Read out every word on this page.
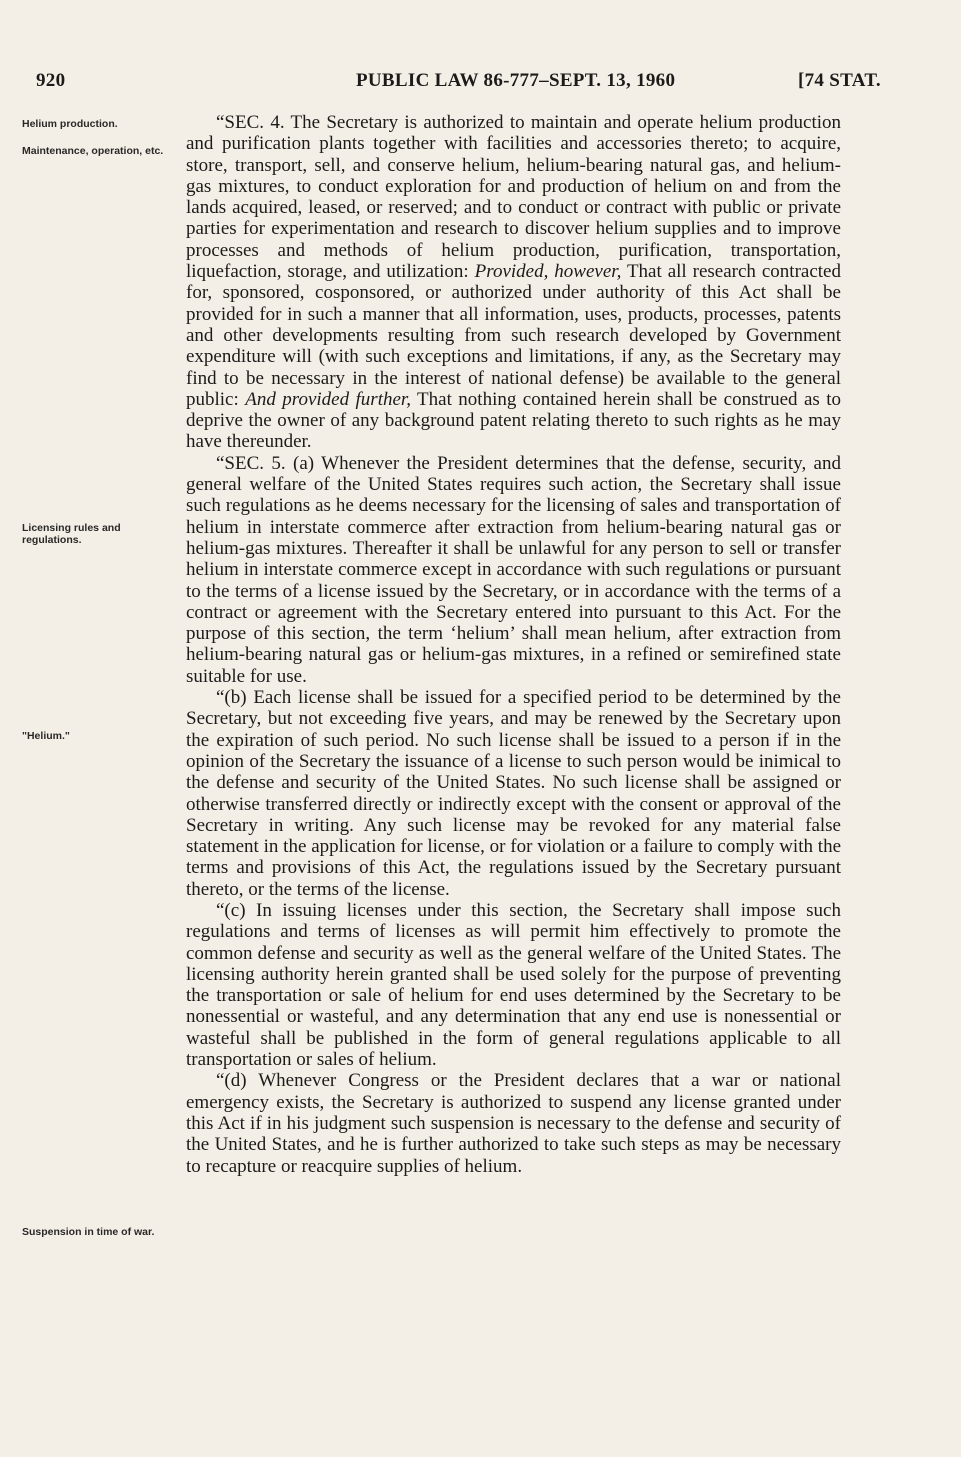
920	PUBLIC LAW 86-777–SEPT. 13, 1960	[74 STAT.
Helium production.
Maintenance, operation, etc.
Licensing rules and regulations.
"Helium."
Suspension in time of war.

“SEC. 4. The Secretary is authorized to maintain and operate helium production and purification plants together with facilities and accessories thereto; to acquire, store, transport, sell, and conserve helium, helium-bearing natural gas, and helium-gas mixtures, to conduct exploration for and production of helium on and from the lands acquired, leased, or reserved; and to conduct or contract with public or private parties for experimentation and research to discover helium supplies and to improve processes and methods of helium production, purification, transportation, liquefaction, storage, and utilization: Provided, however, That all research contracted for, sponsored, cosponsored, or authorized under authority of this Act shall be provided for in such a manner that all information, uses, products, processes, patents and other developments resulting from such research developed by Government expenditure will (with such exceptions and limitations, if any, as the Secretary may find to be necessary in the interest of national defense) be available to the general public: And provided further, That nothing contained herein shall be construed as to deprive the owner of any background patent relating thereto to such rights as he may have thereunder.

“SEC. 5. (a) Whenever the President determines that the defense, security, and general welfare of the United States requires such action, the Secretary shall issue such regulations as he deems necessary for the licensing of sales and transportation of helium in interstate commerce after extraction from helium-bearing natural gas or helium-gas mixtures. Thereafter it shall be unlawful for any person to sell or transfer helium in interstate commerce except in accordance with such regulations or pursuant to the terms of a license issued by the Secretary, or in accordance with the terms of a contract or agreement with the Secretary entered into pursuant to this Act. For the purpose of this section, the term ‘helium’ shall mean helium, after extraction from helium-bearing natural gas or helium-gas mixtures, in a refined or semirefined state suitable for use.

“(b) Each license shall be issued for a specified period to be determined by the Secretary, but not exceeding five years, and may be renewed by the Secretary upon the expiration of such period. No such license shall be issued to a person if in the opinion of the Secretary the issuance of a license to such person would be inimical to the defense and security of the United States. No such license shall be assigned or otherwise transferred directly or indirectly except with the consent or approval of the Secretary in writing. Any such license may be revoked for any material false statement in the application for license, or for violation or a failure to comply with the terms and provisions of this Act, the regulations issued by the Secretary pursuant thereto, or the terms of the license.

“(c) In issuing licenses under this section, the Secretary shall impose such regulations and terms of licenses as will permit him effectively to promote the common defense and security as well as the general welfare of the United States. The licensing authority herein granted shall be used solely for the purpose of preventing the transportation or sale of helium for end uses determined by the Secretary to be nonessential or wasteful, and any determination that any end use is nonessential or wasteful shall be published in the form of general regulations applicable to all transportation or sales of helium.

“(d) Whenever Congress or the President declares that a war or national emergency exists, the Secretary is authorized to suspend any license granted under this Act if in his judgment such suspension is necessary to the defense and security of the United States, and he is further authorized to take such steps as may be necessary to recapture or reacquire supplies of helium.
